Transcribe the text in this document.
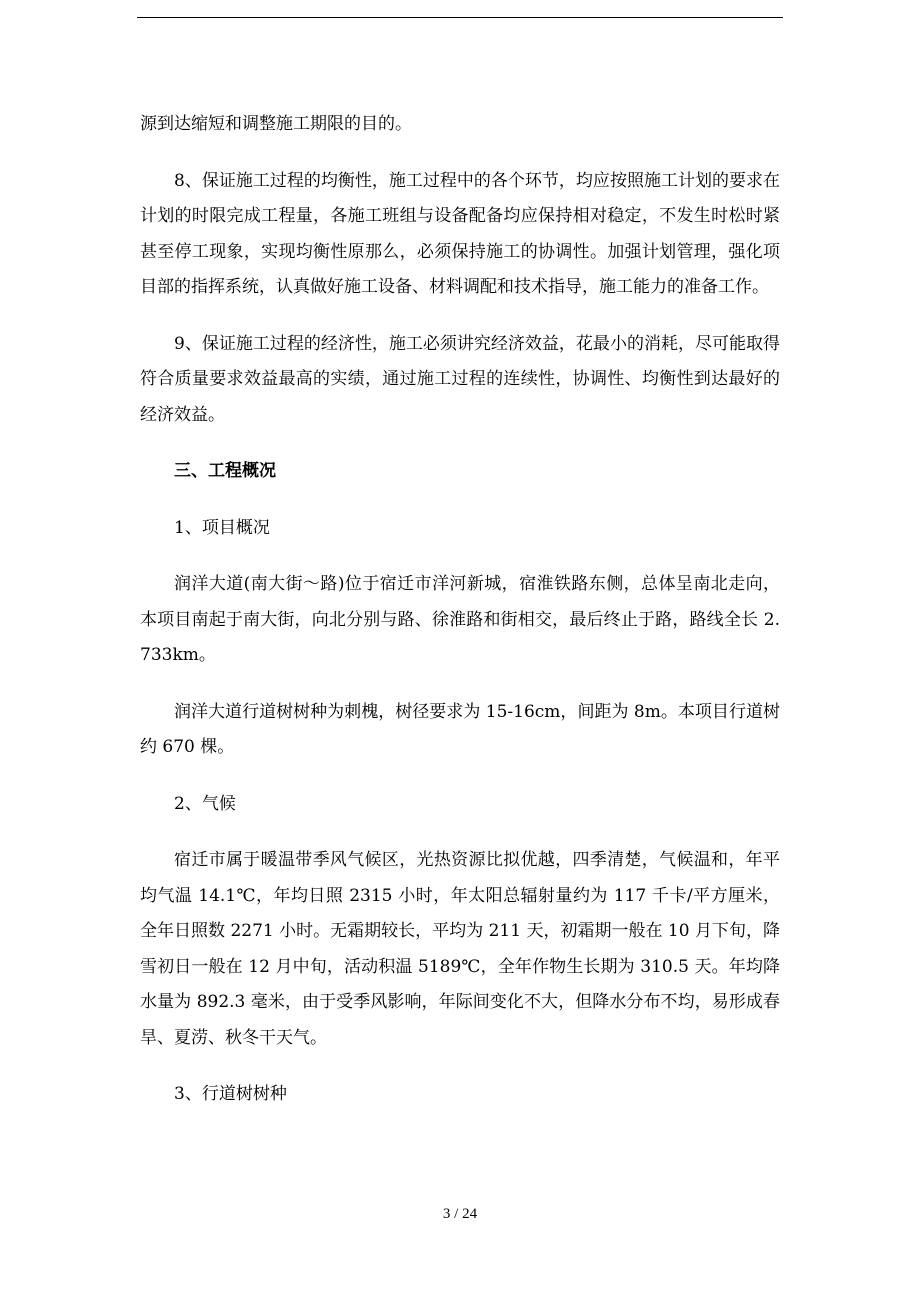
源到达缩短和调整施工期限的目的。

8、保证施工过程的均衡性，施工过程中的各个环节，均应按照施工计划的要求在计划的时限完成工程量，各施工班组与设备配备均应保持相对稳定，不发生时松时紧甚至停工现象，实现均衡性原那么，必须保持施工的协调性。加强计划管理，强化项目部的指挥系统，认真做好施工设备、材料调配和技术指导，施工能力的准备工作。

9、保证施工过程的经济性，施工必须讲究经济效益，花最小的消耗，尽可能取得符合质量要求效益最高的实绩，通过施工过程的连续性，协调性、均衡性到达最好的经济效益。

三、工程概况

1、项目概况

润洋大道(南大街～路)位于宿迁市洋河新城，宿淮铁路东侧，总体呈南北走向，本项目南起于南大街，向北分别与路、徐淮路和街相交，最后终止于路，路线全长 2.733km。

润洋大道行道树树种为刺槐，树径要求为 15-16cm，间距为 8m。本项目行道树约 670 棵。

2、气候

宿迁市属于暖温带季风气候区，光热资源比拟优越，四季清楚，气候温和，年平均气温 14.1℃，年均日照 2315 小时，年太阳总辐射量约为 117 千卡/平方厘米，全年日照数 2271 小时。无霜期较长，平均为 211 天，初霜期一般在 10 月下旬，降雪初日一般在 12 月中旬，活动积温 5189℃，全年作物生长期为 310.5 天。年均降水量为 892.3 毫米，由于受季风影响，年际间变化不大，但降水分布不均，易形成春旱、夏涝、秋冬干天气。

3、行道树树种

3 / 24
